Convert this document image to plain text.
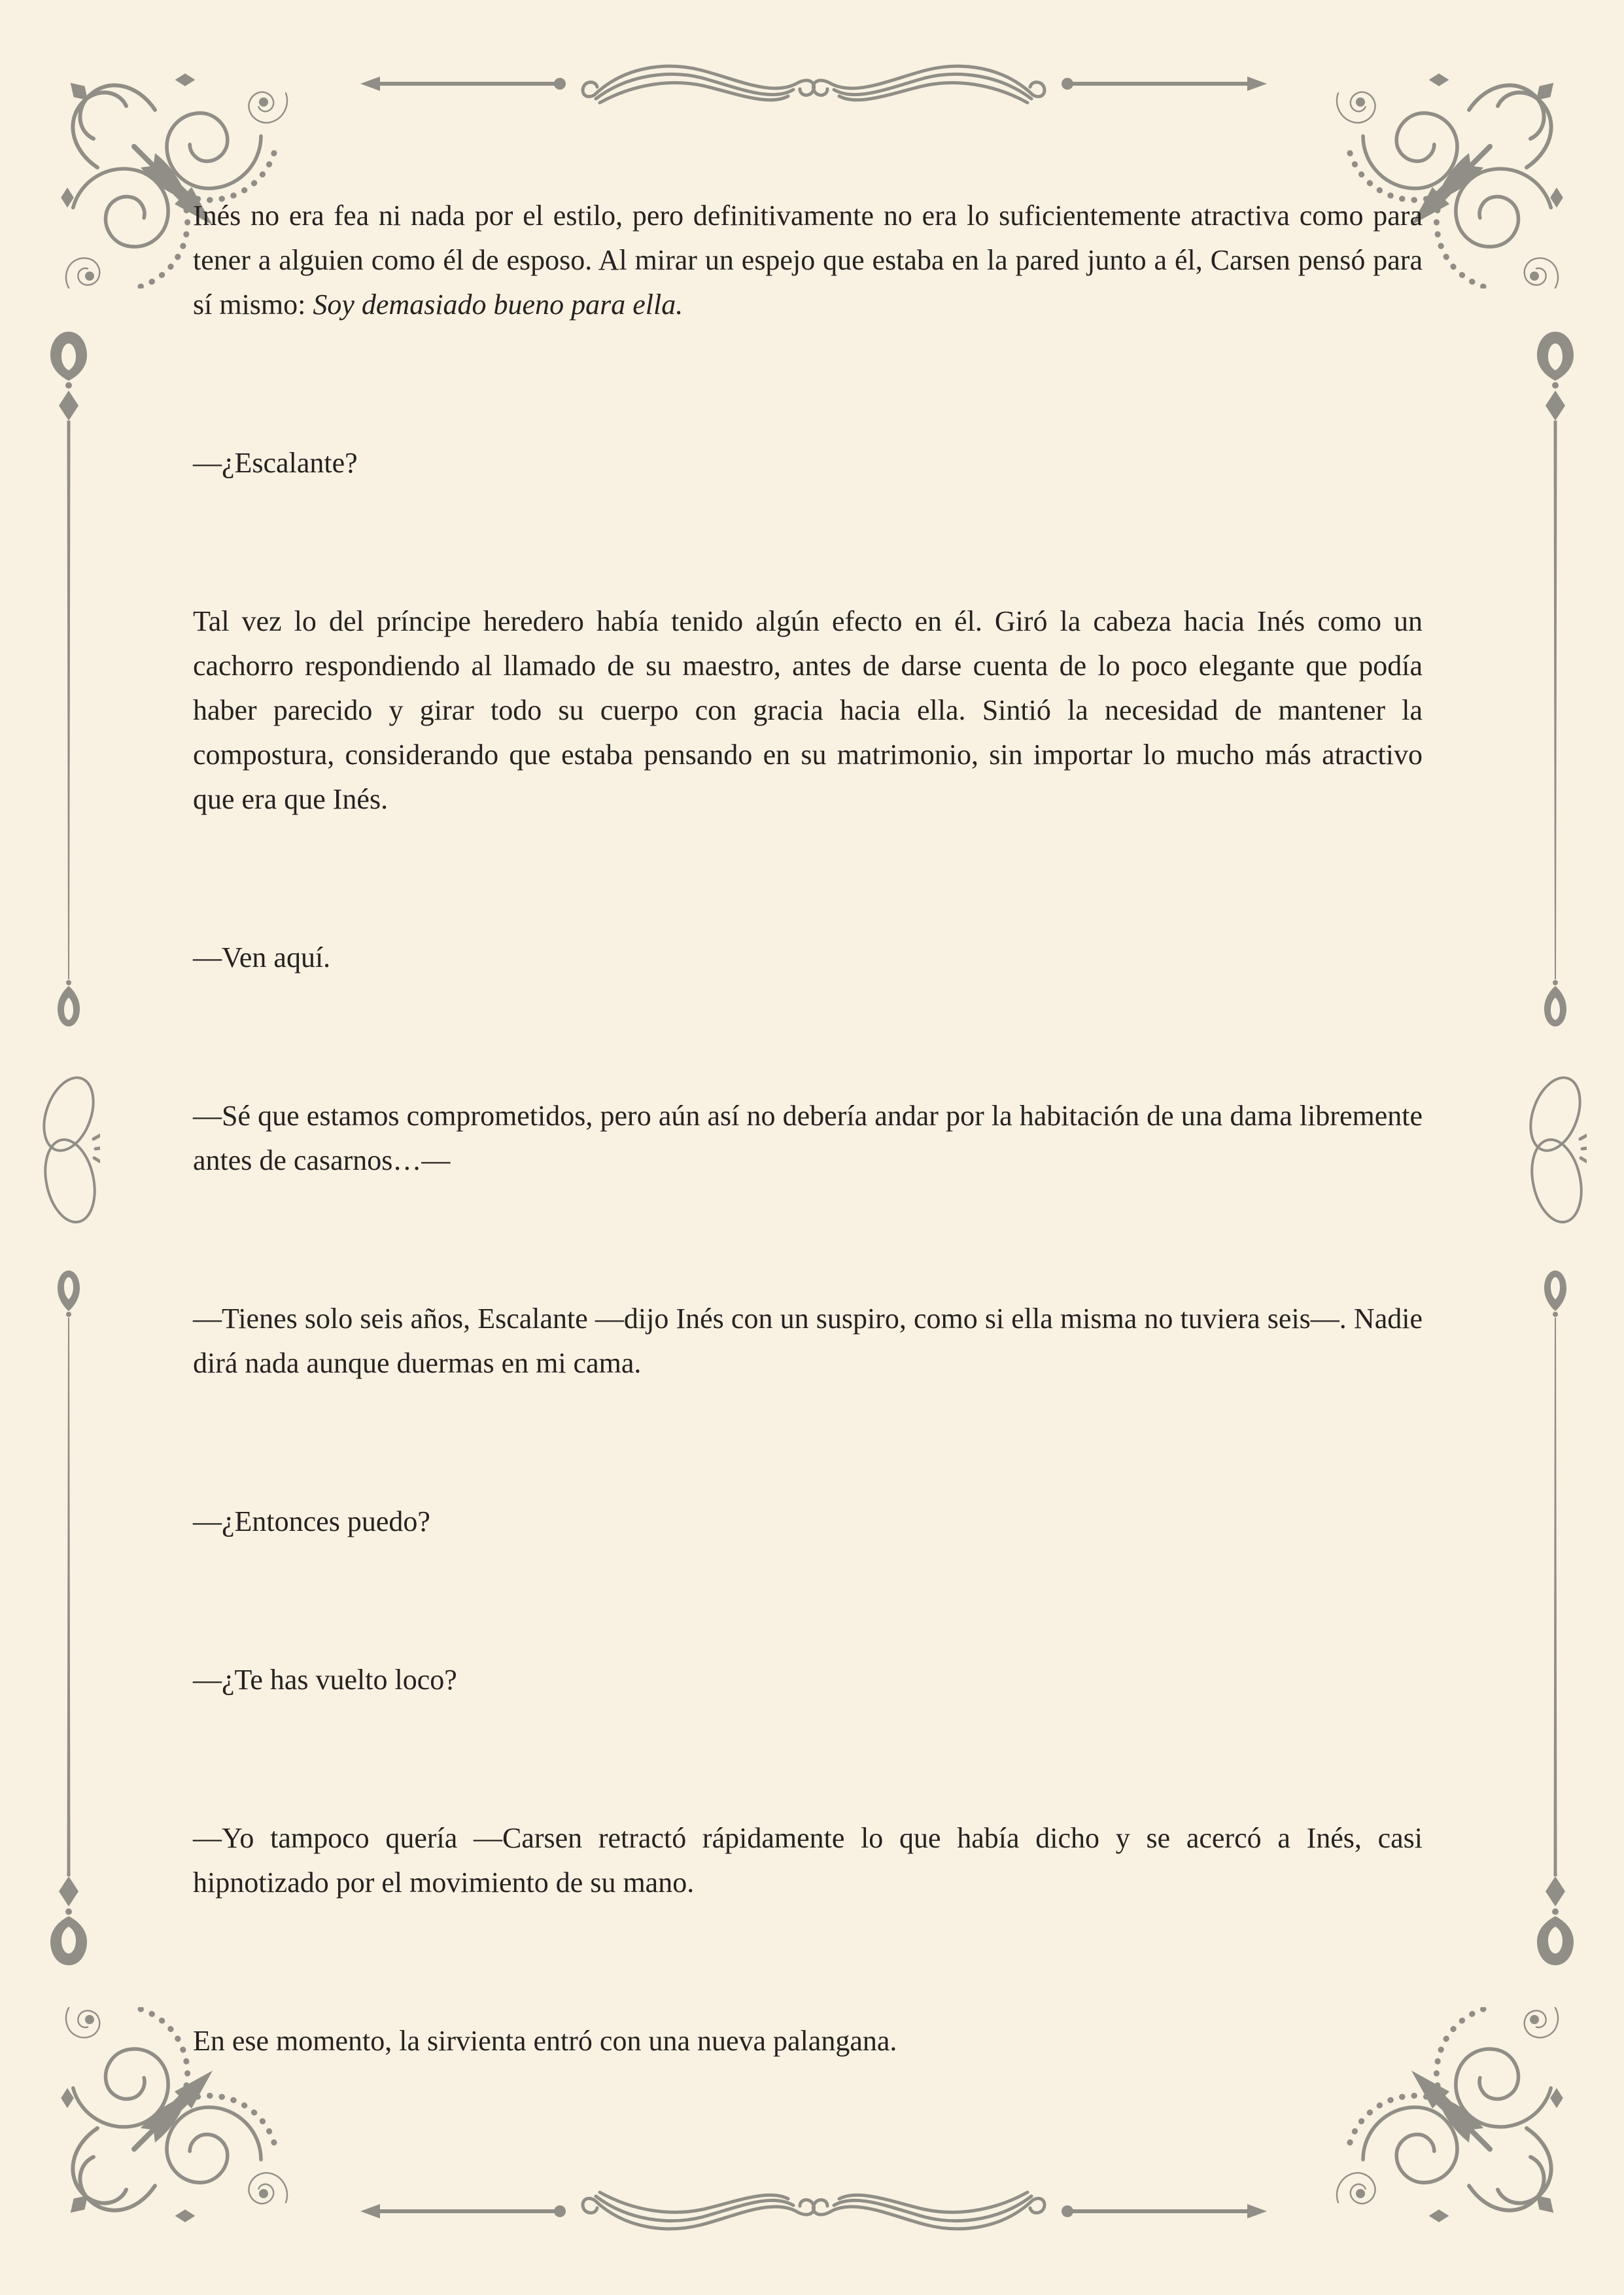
Inés no era fea ni nada por el estilo, pero definitivamente no era lo suficientemente atractiva como para tener a alguien como él de esposo. Al mirar un espejo que estaba en la pared junto a él, Carsen pensó para sí mismo: Soy demasiado bueno para ella.

—¿Escalante?

Tal vez lo del príncipe heredero había tenido algún efecto en él. Giró la cabeza hacia Inés como un cachorro respondiendo al llamado de su maestro, antes de darse cuenta de lo poco elegante que podía haber parecido y girar todo su cuerpo con gracia hacia ella. Sintió la necesidad de mantener la compostura, considerando que estaba pensando en su matrimonio, sin importar lo mucho más atractivo que era que Inés.

—Ven aquí.

—Sé que estamos comprometidos, pero aún así no debería andar por la habitación de una dama libremente antes de casarnos…—

—Tienes solo seis años, Escalante —dijo Inés con un suspiro, como si ella misma no tuviera seis—. Nadie dirá nada aunque duermas en mi cama.

—¿Entonces puedo?

—¿Te has vuelto loco?

—Yo tampoco quería —Carsen retractó rápidamente lo que había dicho y se acercó a Inés, casi hipnotizado por el movimiento de su mano.

En ese momento, la sirvienta entró con una nueva palangana.
